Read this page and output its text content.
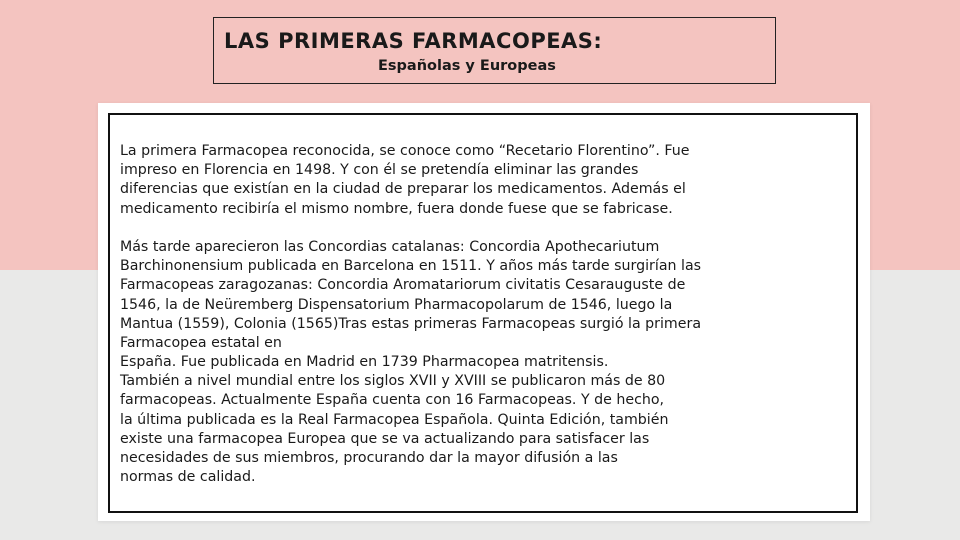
LAS PRIMERAS FARMACOPEAS:
Españolas y Europeas
La primera Farmacopea reconocida, se conoce como “Recetario Florentino”. Fue
impreso en Florencia en 1498. Y con él se pretendía eliminar las grandes
diferencias que existían en la ciudad de preparar los medicamentos. Además el
medicamento recibiría el mismo nombre, fuera donde fuese que se fabricase.
Más tarde aparecieron las Concordias catalanas: Concordia Apothecariutum
Barchinonensium publicada en Barcelona en 1511. Y años más tarde surgirían las
Farmacopeas zaragozanas: Concordia Aromatariorum civitatis Cesarauguste de
1546, la de Neüremberg Dispensatorium Pharmacopolarum de 1546, luego la
Mantua (1559), Colonia (1565)Tras estas primeras Farmacopeas surgió la primera
Farmacopea estatal en
España. Fue publicada en Madrid en 1739 Pharmacopea matritensis.
También a nivel mundial entre los siglos XVII y XVIII se publicaron más de 80
farmacopeas. Actualmente España cuenta con 16 Farmacopeas. Y de hecho,
la última publicada es la Real Farmacopea Española. Quinta Edición, también
existe una farmacopea Europea que se va actualizando para satisfacer las
necesidades de sus miembros, procurando dar la mayor difusión a las
normas de calidad.
